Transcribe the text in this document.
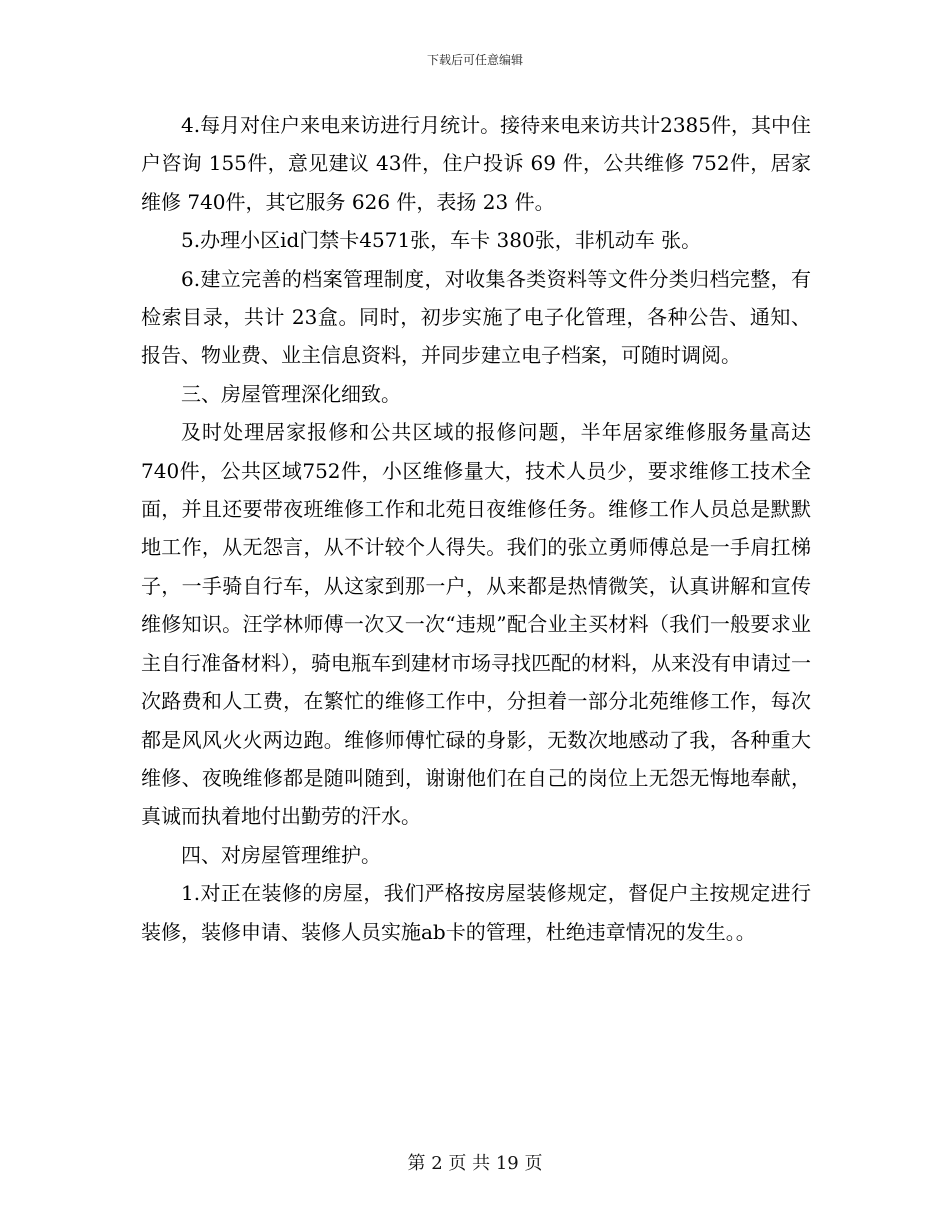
下载后可任意编辑

4.每月对住户来电来访进行月统计。接待来电来访共计2385件，其中住户咨询 155件，意见建议 43件，住户投诉 69 件，公共维修 752件，居家维修 740件，其它服务 626 件，表扬 23 件。

5.办理小区id门禁卡4571张，车卡 380张，非机动车 张。

6.建立完善的档案管理制度，对收集各类资料等文件分类归档完整，有检索目录，共计 23盒。同时，初步实施了电子化管理，各种公告、通知、报告、物业费、业主信息资料，并同步建立电子档案，可随时调阅。

三、房屋管理深化细致。

及时处理居家报修和公共区域的报修问题，半年居家维修服务量高达 740件，公共区域752件，小区维修量大，技术人员少，要求维修工技术全面，并且还要带夜班维修工作和北苑日夜维修任务。维修工作人员总是默默地工作，从无怨言，从不计较个人得失。我们的张立勇师傅总是一手肩扛梯子，一手骑自行车，从这家到那一户，从来都是热情微笑，认真讲解和宣传维修知识。汪学林师傅一次又一次“违规”配合业主买材料（我们一般要求业主自行准备材料），骑电瓶车到建材市场寻找匹配的材料，从来没有申请过一次路费和人工费，在繁忙的维修工作中，分担着一部分北苑维修工作，每次都是风风火火两边跑。维修师傅忙碌的身影，无数次地感动了我，各种重大维修、夜晚维修都是随叫随到，谢谢他们在自己的岗位上无怨无悔地奉献，真诚而执着地付出勤劳的汗水。

四、对房屋管理维护。

1.对正在装修的房屋，我们严格按房屋装修规定，督促户主按规定进行装修，装修申请、装修人员实施ab卡的管理，杜绝违章情况的发生。。

第 2 页 共 19 页
